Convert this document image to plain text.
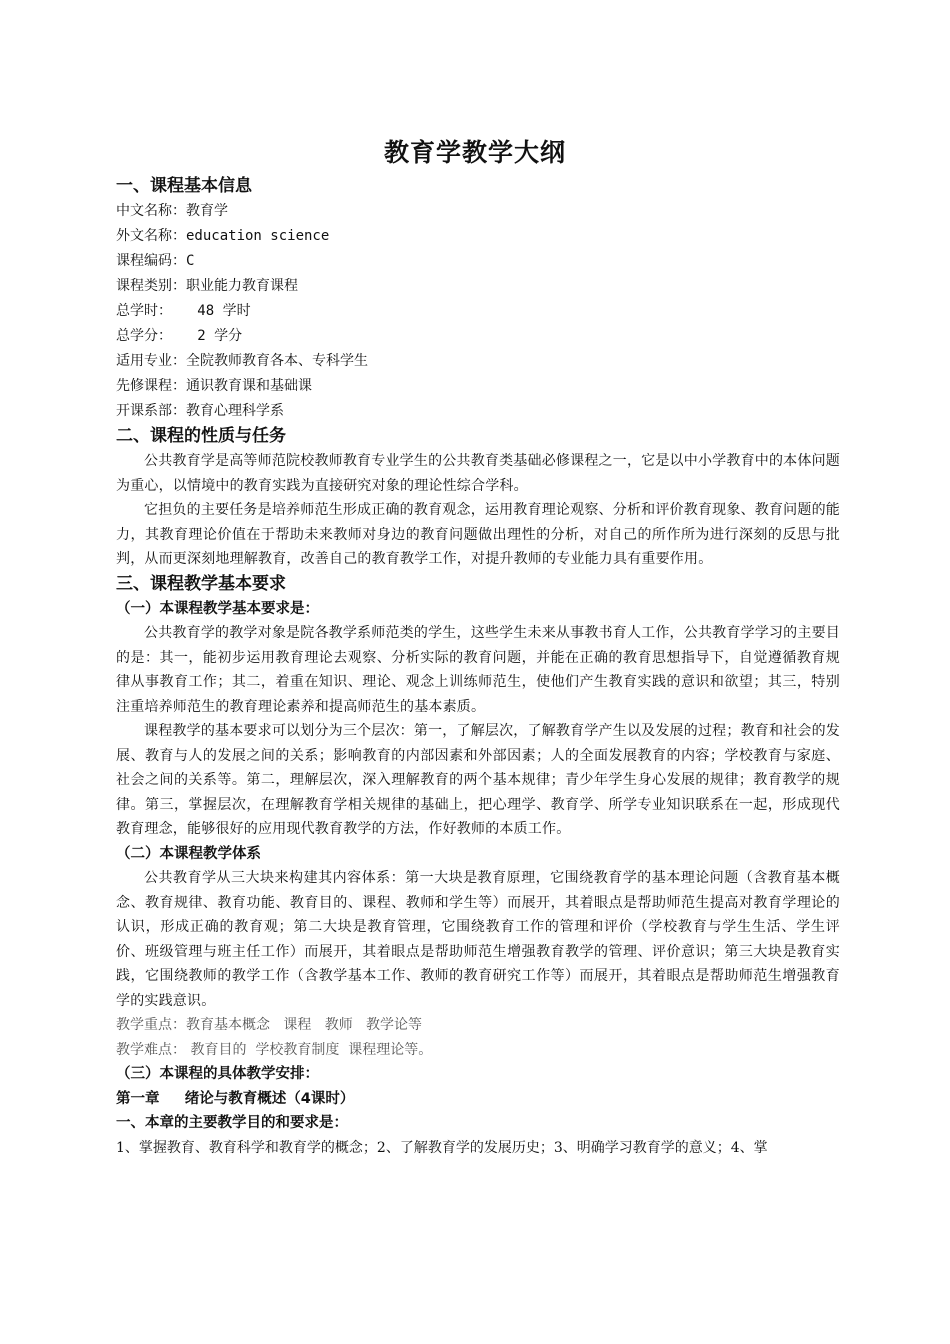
教育学教学大纲
一、课程基本信息
中文名称：教育学
外文名称：education science
课程编码：C
课程类别：职业能力教育课程
总学时：   48 学时
总学分：   2 学分
适用专业：全院教师教育各本、专科学生
先修课程：通识教育课和基础课
开课系部：教育心理科学系
二、课程的性质与任务
公共教育学是高等师范院校教师教育专业学生的公共教育类基础必修课程之一，它是以中小学教育中的本体问题为重心，以情境中的教育实践为直接研究对象的理论性综合学科。
它担负的主要任务是培养师范生形成正确的教育观念，运用教育理论观察、分析和评价教育现象、教育问题的能力，其教育理论价值在于帮助未来教师对身边的教育问题做出理性的分析，对自己的所作所为进行深刻的反思与批判，从而更深刻地理解教育，改善自己的教育教学工作，对提升教师的专业能力具有重要作用。
三、课程教学基本要求
（一）本课程教学基本要求是：
公共教育学的教学对象是院各教学系师范类的学生，这些学生未来从事教书育人工作，公共教育学学习的主要目的是：其一，能初步运用教育理论去观察、分析实际的教育问题，并能在正确的教育思想指导下，自觉遵循教育规律从事教育工作；其二，着重在知识、理论、观念上训练师范生，使他们产生教育实践的意识和欲望；其三，特别注重培养师范生的教育理论素养和提高师范生的基本素质。
课程教学的基本要求可以划分为三个层次：第一，了解层次，了解教育学产生以及发展的过程；教育和社会的发展、教育与人的发展之间的关系；影响教育的内部因素和外部因素；人的全面发展教育的内容；学校教育与家庭、社会之间的关系等。第二，理解层次，深入理解教育的两个基本规律；青少年学生身心发展的规律；教育教学的规律。第三，掌握层次，在理解教育学相关规律的基础上，把心理学、教育学、所学专业知识联系在一起，形成现代教育理念，能够很好的应用现代教育教学的方法，作好教师的本质工作。
（二）本课程教学体系
公共教育学从三大块来构建其内容体系：第一大块是教育原理，它围绕教育学的基本理论问题（含教育基本概念、教育规律、教育功能、教育目的、课程、教师和学生等）而展开，其着眼点是帮助师范生提高对教育学理论的认识，形成正确的教育观；第二大块是教育管理，它围绕教育工作的管理和评价（学校教育与学生生活、学生评价、班级管理与班主任工作）而展开，其着眼点是帮助师范生增强教育教学的管理、评价意识；第三大块是教育实践，它围绕教师的教学工作（含教学基本工作、教师的教育研究工作等）而展开，其着眼点是帮助师范生增强教育学的实践意识。
教学重点：教育基本概念   课程   教师   教学论等
教学难点： 教育目的  学校教育制度  课程理论等。
（三）本课程的具体教学安排：
第一章     绪论与教育概述（4课时）
一、本章的主要教学目的和要求是：
1、掌握教育、教育科学和教育学的概念；2、了解教育学的发展历史；3、明确学习教育学的意义；4、掌
